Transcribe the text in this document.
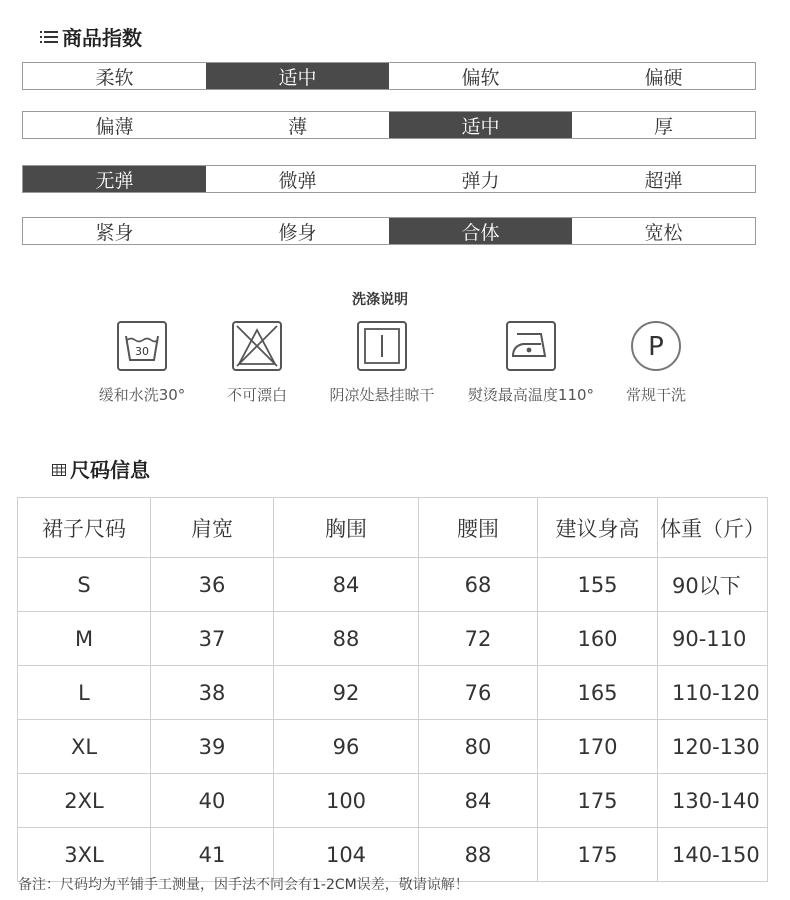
商品指数
柔软	适中	偏软	偏硬
偏薄	薄	适中	厚
无弹	微弹	弹力	超弹
紧身	修身	合体	宽松
洗涤说明
30
缓和水洗30°	不可漂白	阴凉处悬挂晾干	熨烫最高温度110°
P
常规干洗
尺码信息
裙子尺码	肩宽	胸围	腰围	建议身高	体重（斤）
S	36	84	68	155	90以下
M	37	88	72	160	90-110
L	38	92	76	165	110-120
XL	39	96	80	170	120-130
2XL	40	100	84	175	130-140
3XL	41	104	88	175	140-150
备注：尺码均为平铺手工测量，因手法不同会有1-2CM误差，敬请谅解！
